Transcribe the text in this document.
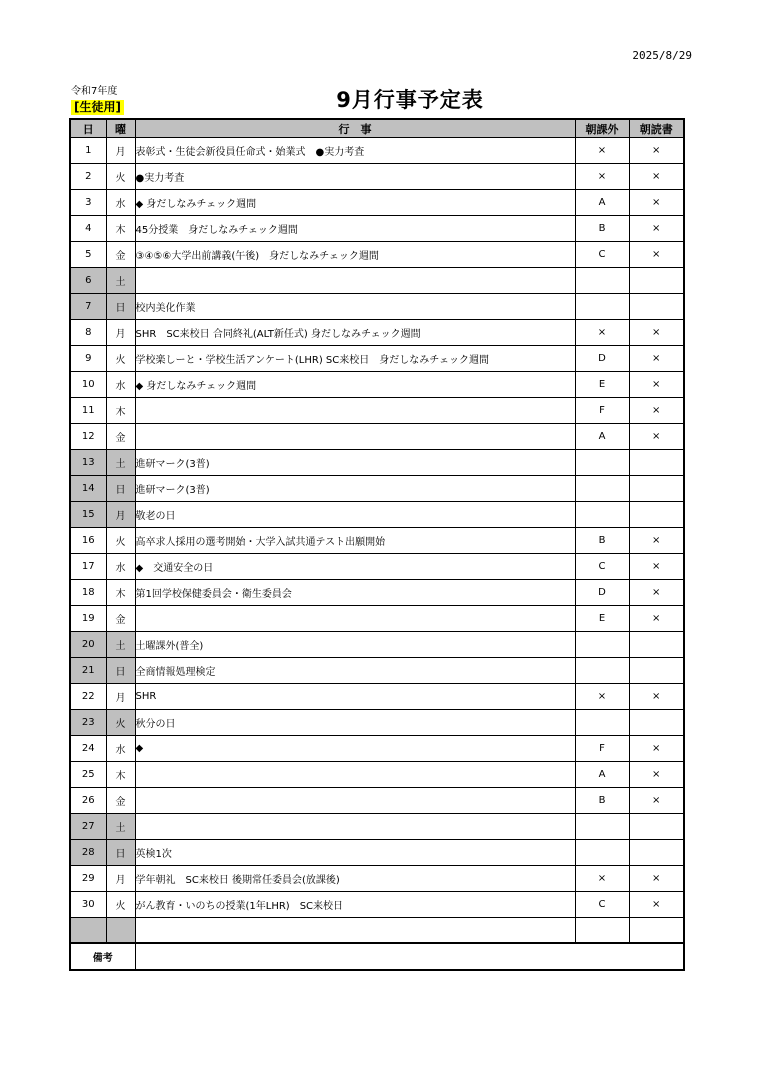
2025/8/29
令和7年度
[生徒用]	9月行事予定表
日	曜	行　事	朝課外	朝読書
1	月	表彰式・生徒会新役員任命式・始業式　●実力考査	×	×
2	火	●実力考査	×	×
3	水	◆ 身だしなみチェック週間	A	×
4	木	45分授業　身だしなみチェック週間	B	×
5	金	③④⑤⑥大学出前講義(午後)　身だしなみチェック週間	C	×
6	土			
7	日	校内美化作業		
8	月	SHR　SC来校日 合同終礼(ALT新任式) 身だしなみチェック週間	×	×
9	火	学校楽しーと・学校生活アンケート(LHR) SC来校日　身だしなみチェック週間	D	×
10	水	◆ 身だしなみチェック週間	E	×
11	木		F	×
12	金		A	×
13	土	進研マーク(3普)		
14	日	進研マーク(3普)		
15	月	敬老の日		
16	火	高卒求人採用の選考開始・大学入試共通テスト出願開始	B	×
17	水	◆　交通安全の日	C	×
18	木	第1回学校保健委員会・衛生委員会	D	×
19	金		E	×
20	土	土曜課外(普全)		
21	日	全商情報処理検定		
22	月	SHR	×	×
23	火	秋分の日		
24	水	◆	F	×
25	木		A	×
26	金		B	×
27	土			
28	日	英検1次		
29	月	学年朝礼　SC来校日 後期常任委員会(放課後)	×	×
30	火	がん教育・いのちの授業(1年LHR)　SC来校日	C	×

備考				
